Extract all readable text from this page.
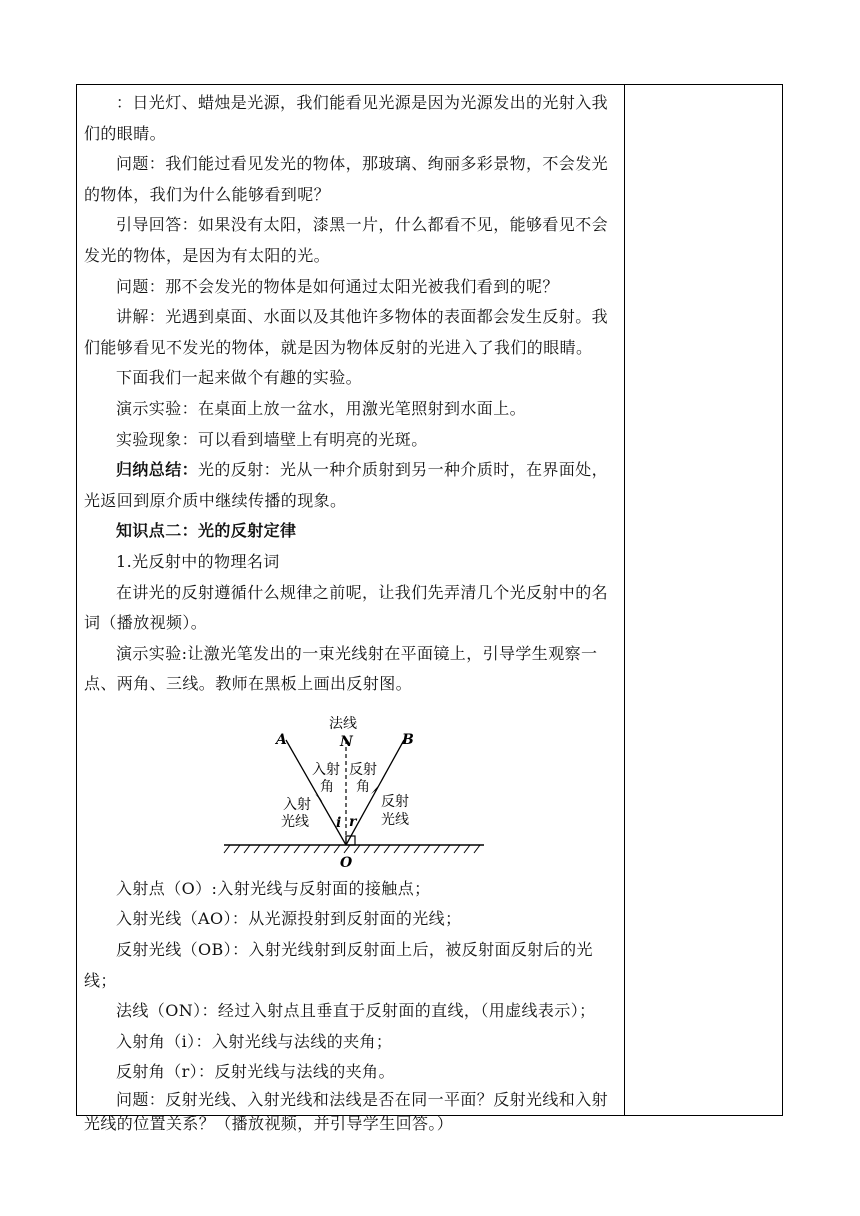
：日光灯、蜡烛是光源，我们能看见光源是因为光源发出的光射入我们的眼睛。

问题：我们能过看见发光的物体，那玻璃、绚丽多彩景物，不会发光的物体，我们为什么能够看到呢？

引导回答：如果没有太阳，漆黑一片，什么都看不见，能够看见不会发光的物体，是因为有太阳的光。

问题：那不会发光的物体是如何通过太阳光被我们看到的呢？

讲解：光遇到桌面、水面以及其他许多物体的表面都会发生反射。我们能够看见不发光的物体，就是因为物体反射的光进入了我们的眼睛。

下面我们一起来做个有趣的实验。

演示实验：在桌面上放一盆水，用激光笔照射到水面上。

实验现象：可以看到墙壁上有明亮的光斑。

归纳总结：光的反射：光从一种介质射到另一种介质时，在界面处，光返回到原介质中继续传播的现象。

知识点二：光的反射定律

1.光反射中的物理名词

在讲光的反射遵循什么规律之前呢，让我们先弄清几个光反射中的名词（播放视频）。

演示实验:让激光笔发出的一束光线射在平面镜上，引导学生观察一点、两角、三线。教师在黑板上画出反射图。

法线
N
A	B
O
入射
角
反射
角
入射
光线
反射
光线
i r

入射点（O）:入射光线与反射面的接触点；

入射光线（AO）：从光源投射到反射面的光线；

反射光线（OB）：入射光线射到反射面上后，被反射面反射后的光线；

法线（ON）：经过入射点且垂直于反射面的直线，（用虚线表示）；

入射角（i）：入射光线与法线的夹角；

反射角（r）：反射光线与法线的夹角。

问题：反射光线、入射光线和法线是否在同一平面？反射光线和入射光线的位置关系？（播放视频，并引导学生回答。）
